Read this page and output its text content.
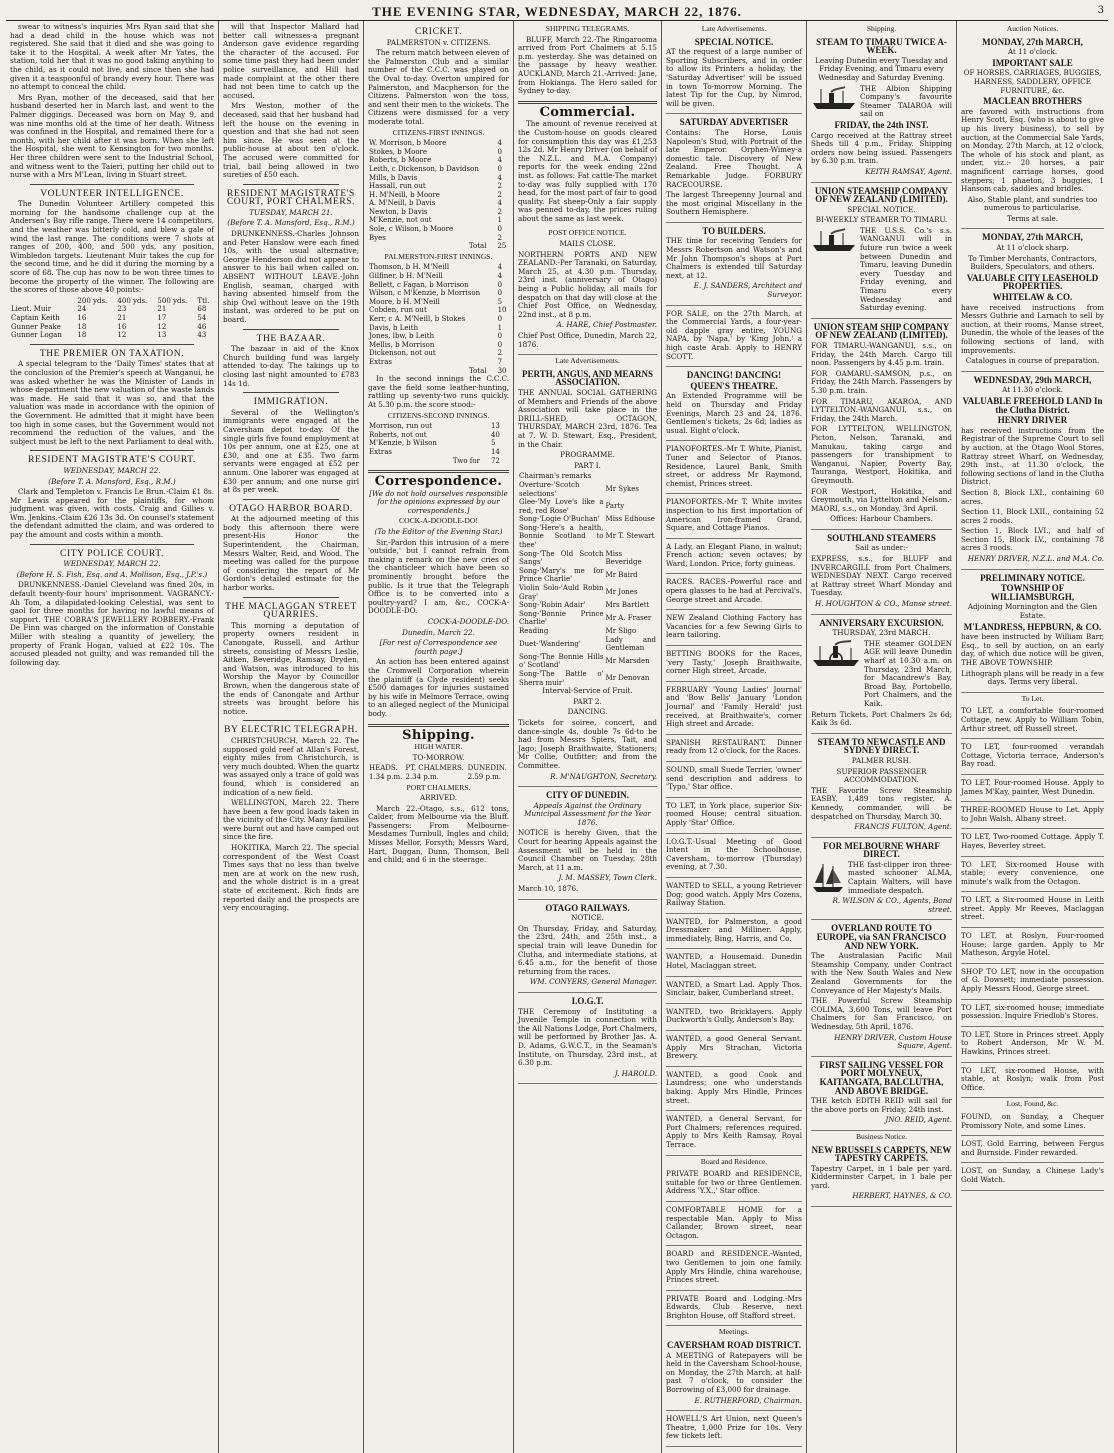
THE EVENING STAR, WEDNESDAY, MARCH 22, 1876.	3

swear to witness's inquiries Mrs Ryan said that she had a dead child in the house which was not registered. She said that it died and she was going to take it to the Hospital. A week after Mr Yates, the station, told her that it was no good taking anything to the child, as it could not live, and since then she had given it a teaspoonful of brandy every hour. There was no attempt to conceal the child.

Mrs Ryan, mother of the deceased, said that her husband deserted her in March last, and went to the Palmer diggings. Deceased was born on May 9, and was nine months old at the time of her death. Witness was confined in the Hospital, and remained there for a month, with her child after it was born. When she left the Hospital, she went to Kensington for two months. Her three children were sent to the Industrial School, and witness went to the Taieri, putting her child out to nurse with a Mrs M'Lean, living in Stuart street.

VOLUNTEER INTELLIGENCE.

The Dunedin Volunteer Artillery competed this morning for the handsome challenge cup at the Andersen's Bay rifle range. There were 14 competitors, and the weather was bitterly cold, and blew a gale of wind the last range. The conditions were 7 shots at ranges of 200, 400, and 500 yds, any position, Wimbledon targets. Lieutenant Muir takes the cup for the second time, and he did it during the morning by a score of 68. The cup has now to be won three times to become the property of the winner. The following are the scores of those above 40 points:-

	200 yds.	400 yds.	500 yds.	Ttl.
Lieut. Muir	24	23	21	68
Captain Keith	16	21	17	54
Gunner Peake	18	16	12	46
Gunner Logan	18	12	13	43
THE PREMIER ON TAXATION.

A special telegram to the 'Daily Times' states that at the conclusion of the Premier's speech at Wanganui, he was asked whether he was the Minister of Lands in whose department the new valuation of the waste lands was made. He said that it was so, and that the valuation was made in accordance with the opinion of the Government. He admitted that it might have been too high in some cases, but the Government would not recommend the reduction of the values, and the subject must be left to the next Parliament to deal with.

RESIDENT MAGISTRATE'S COURT.

WEDNESDAY, MARCH 22.

(Before T. A. Mansford, Esq., R.M.)

Clark and Templeton v. Francis Le Brun.-Claim £1 8s. Mr Lewis appeared for the plaintiffs, for whom judgment was given, with costs. Craig and Gillies v. Wm. Jenkins.-Claim £26 13s 3d. On counsel's statement the defendant admitted the claim, and was ordered to pay the amount and costs within a month.

CITY POLICE COURT.

WEDNESDAY, MARCH 22.

(Before H. S. Fish, Esq. and A. Mollison, Esq., J.P.'s.)

DRUNKENNESS.-Daniel Cleveland was fined 20s, in default twenty-four hours' imprisonment. VAGRANCY.-Ah Tom, a dilapidated-looking Celestial, was sent to gaol for three months for having no lawful means of support. THE COBRA'S JEWELLERY ROBBERY.-Frank De Finn was charged on the information of Constable Miller with stealing a quantity of jewellery, the property of Frank Hogan, valued at £22 10s. The accused pleaded not guilty, and was remanded till the following day.

will that Inspector Mallard had better call witnesses-a pregnant Anderson gave evidence regarding the character of the accused. For some time past they had been under police surveillance, and Hill had made complaint at the other there had not been time to catch up the accused.

Mrs Weston, mother of the deceased, said that her husband had left the house on the evening in question and that she had not seen him since. He was seen at the public-house at about ten o'clock. The accused were committed for trial, bail being allowed in two sureties of £50 each.

RESIDENT MAGISTRATE'S COURT, PORT CHALMERS.

TUESDAY, MARCH 21.

(Before T. A. Mansford, Esq., R.M.)

DRUNKENNESS.-Charles Johnson and Peter Hanslow were each fined 10s, with the usual alternative; George Henderson did not appear to answer to his bail when called on. ABSENT WITHOUT LEAVE.-John English, seaman, charged with having absented himself from the ship Owl without leave on the 19th instant, was ordered to be put on board.

THE BAZAAR.

The bazaar in aid of the Knox Church building fund was largely attended to-day. The takings up to closing last night amounted to £783 14s 1d.

IMMIGRATION.

Several of the Wellington's immigrants were engaged at the Caversham depot to-day. Of the single girls five found employment at 10s per annum, one at £25, one at £30, and one at £35. Two farm servants were engaged at £52 per annum. One laborer was engaged at £30 per annum; and one nurse girl at 8s per week.

OTAGO HARBOR BOARD.

At the adjourned meeting of this body this afternoon there were present-His Honor the Superintendent, the Chairman, Messrs Walter, Reid, and Wood. The meeting was called for the purpose of considering the report of Mr Gordon's detailed estimate for the harbor works.

THE MACLAGGAN STREET QUARRIES.

This morning a deputation of property owners resident in Canongate, Russell, and Arthur streets, consisting of Messrs Leslie, Aitken, Beveridge, Ramsay, Dryden, and Watson, was introduced to his Worship the Mayor by Councillor Brown, when the dangerous state of the ends of Canongate and Arthur streets was brought before his notice.

BY ELECTRIC TELEGRAPH.

CHRISTCHURCH, March 22. The supposed gold reef at Allan's Forest, eighty miles from Christchurch, is very much doubted. When the quartz was assayed only a trace of gold was found, which is considered an indication of a new field.

WELLINGTON, March 22. There have been a few good loads taken in the vicinity of the City. Many families were burnt out and have camped out since the fire.

HOKITIKA, March 22. The special correspondent of the West Coast Times says that no less than twelve men are at work on the new rush, and the whole district is in a great state of excitement. Rich finds are reported daily and the prospects are very encouraging.

CRICKET.

PALMERSTON v. CITIZENS.

The return match between eleven of the Palmerston Club and a similar number of the C.C.C. was played on the Oval to-day. Overton umpired for Palmerston, and Macpherson for the Citizens. Palmerston won the toss, and sent their men to the wickets. The Citizens were dismissed for a very moderate total.

CITIZENS-FIRST INNINGS.
W. Morrison, b Moore	4
Stokes, b Moore	0
Roberts, b Moore	4
Leith, c Dickenson, b Davidson	0
Mills, b Davis	4
Hassall, run out	2
H. M'Neill, b Moore	2
A. M'Neill, b Davis	4
Newton, b Davis	2
M'Kenzie, not out	1
Sole, c Wilson, b Moore	0
Byes	2
Total	25
PALMERSTON-FIRST INNINGS.
Thomson, b H. M'Neill	4
Gilfiner, b H. M'Neill	4
Bellett, c Fagan, b Morrison	0
Wilson, c M'Kenzie, b Morrison	0
Moore, b H. M'Neill	5
Cobden, run out	10
Kerr, c A. M'Neill, b Stokes	0
Davis, b Leith	1
Jones, lbw, b Leith	0
Mellis, b Morrison	0
Dickenson, not out	2
Extras	7
Total	30

In the second innings the C.C.C. gave the field some leather-hunting, rattling up seventy-two runs quickly. At 5.30 p.m. the score stood:-

CITIZENS-SECOND INNINGS.
Morrison, run out	13
Roberts, not out	40
M'Kenzie, b Wilson	5
Extras	14
Two for	72
Correspondence.

[We do not hold ourselves responsible for the opinions expressed by our correspondents.]

COCK-A-DOODLE-DO!

(To the Editor of the Evening Star.)

Sir,-Pardon this intrusion of a mere 'outside,' but I cannot refrain from making a remark on the new cries of the chanticleer which have been so prominently brought before the public. Is it true that the Telegraph Office is to be converted into a poultry-yard? I am, &c., COCK-A-DOODLE-DO.

COCK-A-DOODLE-DO.

Dunedin, March 22.

[For rest of Correspondence see fourth page.]

An action has been entered against the Cromwell Corporation wherein the plaintiff (a Clyde resident) seeks £500 damages for injuries sustained by his wife in Melmore Terrace, owing to an alleged neglect of the Municipal body.

Shipping.
HIGH WATER.

TO-MORROW.

HEADS.	PT. CHALMERS.	DUNEDIN.
1.34 p.m.	2.34 p.m.	2.59 p.m.
PORT CHALMERS.

ARRIVED.

March 22.-Otago, s.s., 612 tons, Calder, from Melbourne via the Bluff. Passengers: From Melbourne-Mesdames Turnbull, Ingles and child; Misses Mellor, Forsyth; Messrs Ward, Hart, Duggan, Dunn, Thomson, Bell and child; and 6 in the steerage.

SHIPPING TELEGRAMS.

BLUFF, March 22.-The Ringarooma arrived from Port Chalmers at 5.15 p.m. yesterday. She was detained on the passage by heavy weather. AUCKLAND, March 21.-Arrived: Jane, from Hokianga. The Hero sailed for Sydney to-day.

Commercial.

The amount of revenue received at the Custom-house on goods cleared for consumption this day was £1,253 12s 2d. Mr Henry Driver (on behalf of the N.Z.L. and M.A. Company) reports for the week ending 22nd inst. as follows: Fat cattle-The market to-day was fully supplied with 170 head, for the most part of fair to good quality. Fat sheep-Only a fair supply was penned to-day, the prices ruling about the same as last week.

POST OFFICE NOTICE.

MAILS CLOSE.

NORTHERN PORTS AND NEW ZEALAND.-Per Taranaki, on Saturday, March 25, at 4.30 p.m. Thursday, 23rd inst. (anniversary of Otago) being a Public holiday, all mails for despatch on that day will close at the Chief Post Office, on Wednesday, 22nd inst., at 8 p.m.

A. HARE, Chief Postmaster.

Chief Post Office, Dunedin, March 22, 1876.

Late Advertisements.

PERTH, ANGUS, AND MEARNS ASSOCIATION.

THE ANNUAL SOCIAL GATHERING of Members and Friends of the above Association will take place in the DRILL-SHED, OCTAGON, THURSDAY, MARCH 23rd, 1876. Tea at 7. W. D. Stewart, Esq., President, in the Chair.

PROGRAMME.

PART I.

Chairman's remarks	
Overture-'Scotch selections'	Mr Sykes
Glee-'My Love's like a red, red Rose'	Party
Song-'Logie O'Buchan'	Miss Edhouse
Song-'Here's a health, Bonnie Scotland to thee'	Mr T. Stewart
Song-'The Old Scotch Sangs'	Miss Beveridge
Song-'Mary's me for Prince Charlie'	Mr Baird
Violin Solo-'Auld Robin Gray'	Mr Jones
Song-'Robin Adair'	Mrs Bartlett
Song-'Bonnie Prince Charlie'	Mr A. Fraser
Reading	Mr Sligo
Duet-'Wandering'	Lady and Gentleman
Song-'The Bonnie Hills o' Scotland'	Mr Marsden
Song-'The Battle o' Sherra muir'	Mr Denovan

Interval-Service of Fruit.

PART 2.

DANCING.

Tickets for soiree, concert, and dance-single 4s, double 7s 6d-to be had from Messrs Spiers, Tait, and Jago; Joseph Braithwaite, Stationers; Mr Collie, Outfitter; and from the Committee.

R. M'NAUGHTON, Secretary.

CITY OF DUNEDIN.

Appeals Against the Ordinary Municipal Assessment for the Year 1876.

NOTICE is hereby Given, that the Court for hearing Appeals against the Assessment will be held in the Council Chamber on Tuesday, 28th March, at 11 a.m.

J. M. MASSEY, Town Clerk.

March 10, 1876.

OTAGO RAILWAYS.

NOTICE.

On Thursday, Friday, and Saturday, the 23rd, 24th, and 25th inst., a special train will leave Dunedin for Clutha, and intermediate stations, at 6.45 a.m., for the benefit of those returning from the races.

WM. CONYERS, General Manager.

I.O.G.T.

THE Ceremony of Instituting a Juvenile Temple in connection with the All Nations Lodge, Port Chalmers, will be performed by Brother Jas. A. D. Adams, G.W.C.T., in the Seaman's Institute, on Thursday, 23rd inst., at 6.30 p.m.

J. HAROLD.

Late Advertisements.

SPECIAL NOTICE.

AT the request of a large number of Sporting Subscribers, and in order to allow its Printers a holiday, the 'Saturday Advertiser' will be issued in town To-morrow Morning. The latest Tip for the Cup, by Nimrod, will be given.

SATURDAY ADVERTISER

Contains: The Horse, Louis Napoleon's Stud, with Portrait of the late Emperor. Orphen-Wimey-a domestic tale. Discovery of New Zealand. Free Thought. A Remarkable Judge. FORBURY RACECOURSE.

The largest Threepenny Journal and the most original Miscellany in the Southern Hemisphere.

TO BUILDERS.

THE time for receiving Tenders for Messrs Robertson and Watson's and Mr John Thompson's shops at Port Chalmers is extended till Saturday next, at 12.

E. J. SANDERS, Architect and Surveyor.

FOR SALE, on the 27th March, at the Commercial Yards, a four-year-old dapple gray entire, YOUNG NAPA, by 'Napa,' by 'King John,' a high caste Arab. Apply to HENRY SCOTT.

DANCING! DANCING!

QUEEN'S THEATRE.

An Extended Programme will be held on Thursday and Friday Evenings, March 23 and 24, 1876. Gentlemen's tickets, 2s 6d; ladies as usual. Eight o'clock.

PIANOFORTES.-Mr T. White, Pianist, Tuner and Selector of Pianos. Residence, Laurel Bank, Smith street, or address Mr Raymond, chemist, Princes street.

PIANOFORTES.-Mr T. White invites inspection to his first importation of American Iron-framed Grand, Square, and Cottage Pianos.

A Lady, an Elegant Piano, in walnut; French action; seven octaves; by Ward, London. Price, forty guineas.

RACES. RACES.-Powerful race and opera glasses to be had at Percival's, George street and Arcade.

NEW Zealand Clothing Factory has Vacancies for a few Sewing Girls to learn tailoring.

BETTING BOOKS for the Races, 'very Tasty,' Joseph Braithwaite, corner High street, Arcade.

FEBRUARY 'Young Ladies' Journal' and 'Bow Bells' January 'London Journal' and 'Family Herald' just received, at Braithwaite's, corner High street and Arcade.

SPANISH RESTAURANT. Dinner ready from 12 o'clock, for the Races.

SOUND, small Suede Terrier, 'owner' send description and address to 'Typo,' Star office.

TO LET, in York place, superior Six-roomed House; central situation. Apply 'Star' Office.

I.O.G.T.-Usual Meeting of Good Intent in the Schoolhouse, Caversham, to-morrow (Thursday) evening, at 7.30.

WANTED to SELL, a young Retriever Dog; good watch. Apply Mrs Cozens, Railway Station.

WANTED, for Palmerston, a good Dressmaker and Milliner. Apply, immediately, Bing, Harris, and Co.

WANTED, a Housemaid. Dunedin Hotel, Maclaggan street.

WANTED, a Smart Lad. Apply Thos. Sinclair, baker, Cumberland street.

WANTED, two Bricklayers. Apply Duckworth's Gully, Anderson's Bay.

WANTED, a good General Servant. Apply Mrs Strachan, Victoria Brewery.

WANTED, a good Cook and Laundress; one who understands baking. Apply Mrs Hindle, Princes street.

WANTED, a General Servant, for Port Chalmers; references required. Apply to Mrs Keith Ramsay, Royal Terrace.

Board and Residence.

PRIVATE BOARD and RESIDENCE, suitable for two or three Gentlemen. Address 'Y.X.,' Star office.

COMFORTABLE HOME for a respectable Man. Apply to Miss Callander, Brown street, near Octagon.

BOARD and RESIDENCE.-Wanted, two Gentlemen to join one family. Apply Mrs Hindle, china warehouse, Princes street.

PRIVATE Board and Lodging.-Mrs Edwards, Club Reserve, next Brighton House, off Stafford street.

Meetings.

CAVERSHAM ROAD DISTRICT.

A MEETING of Ratepayers will be held in the Caversham School-house, on Monday, the 27th March, at half-past 7 o'clock, to consider the Borrowing of £3,000 for drainage.

E. RUTHERFORD, Chairman.

HOWELL'S Art Union, next Queen's Theatre, 1,000 Prize for 10s. Very few tickets left.

Shipping.

STEAM TO TIMARU TWICE A-WEEK.

Leaving Dunedin every Tuesday and Friday Evening, and Timaru every Wednesday and Saturday Evening.

THE Albion Shipping Company's favourite Steamer TAIAROA will sail on

FRIDAY, the 24th INST.

Cargo received at the Rattray street Sheds till 4 p.m., Friday. Shipping orders now being issued. Passengers by 6.30 p.m. train.

KEITH RAMSAY, Agent.

UNION STEAMSHIP COMPANY OF NEW ZEALAND (LIMITED).

SPECIAL NOTICE.

BI-WEEKLY STEAMER TO TIMARU.

THE U.S.S. Co.'s s.s. WANGANUI will in future run twice a week between Dunedin and Timaru, leaving Dunedin every Tuesday and Friday evening, and Timaru every Wednesday and Saturday evening.

UNION STEAM SHIP COMPANY OF NEW ZEALAND (LIMITED).

FOR TIMARU.-WANGANUI, s.s., on Friday, the 24th March. Cargo till noon. Passengers by 4.45 p.m. train.

FOR OAMARU.-SAMSON, p.s., on Friday, the 24th March. Passengers by 5.30 p.m. train.

FOR TIMARU, AKAROA, AND LYTTELTON.-WANGANUI, s.s., on Friday, the 24th March.

FOR LYTTELTON, WELLINGTON, Picton, Nelson, Taranaki, and Manukau, taking cargo and passengers for transhipment to Wanganui, Napier, Poverty Bay, Tauranga, Westport, Hokitika, and Greymouth.

FOR Westport, Hokitika, and Greymouth, via Lyttelton and Nelson.-MAORI, s.s., on Monday, 3rd April.

Offices: Harbour Chambers.

SOUTHLAND STEAMERS

Sail as under:-

EXPRESS, s.s., for BLUFF and INVERCARGILL from Port Chalmers, WEDNESDAY NEXT. Cargo received at Rattray street Wharf Monday and Tuesday.

H. HOUGHTON & CO., Manse street.

ANNIVERSARY EXCURSION.

THURSDAY, 23rd MARCH.

THE steamer GOLDEN AGE will leave Dunedin wharf at 10.30 a.m. on Thursday, 23rd March, for Macandrew's Bay, Broad Bay, Portobello, Port Chalmers, and the Kaik.

Return Tickets, Port Chalmers 2s 6d; Kaik 3s 6d.

STEAM TO NEWCASTLE AND SYDNEY DIRECT.

PALMER RUSH.

SUPERIOR PASSENGER ACCOMMODATION.

THE Favorite Screw Steamship EASBY, 1,489 tons register, A. Kennedy, commander, will be despatched on Thursday, March 30.

FRANCIS FULTON, Agent.

FOR MELBOURNE WHARF DIRECT.

THE fast-clipper iron three-masted schooner ALMA, Captain Walters, will have immediate despatch.

R. WILSON & CO., Agents, Bond street.

OVERLAND ROUTE TO EUROPE, via SAN FRANCISCO AND NEW YORK.

The Australasian Pacific Mail Steamship Company, under Contract with the New South Wales and New Zealand Governments for the Conveyance of Her Majesty's Mails.

THE Powerful Screw Steamship COLIMA, 3,600 Tons, will leave Port Chalmers for San Francisco, on Wednesday, 5th April, 1876.

HENRY DRIVER, Custom House Square, Agent.

FIRST SAILING VESSEL FOR PORT MOLYNEUX, KAITANGATA, BALCLUTHA, AND ABOVE BRIDGE.

THE ketch EDITH REID will sail for the above ports on Friday, 24th inst.

JNO. REID, Agent.

Business Notice.

NEW BRUSSELS CARPETS, NEW TAPESTRY CARPETS.

Tapestry Carpet, in 1 bale per yard. Kidderminster Carpet, in 1 bale per yard.

HERBERT, HAYNES, & CO.

Auction Notices.

MONDAY, 27th MARCH,

At 11 o'clock.

IMPORTANT SALE

OF HORSES, CARRIAGES, BUGGIES, HARNESS, SADDLERY, OFFICE FURNITURE, &c.

MACLEAN BROTHERS

are favored with instructions from Henry Scott, Esq. (who is about to give up his livery business), to sell by auction, at the Commercial Sale Yards, on Monday, 27th March, at 12 o'clock, The whole of his stock and plant, as under, viz.:- 20 horses, a pair magnificent carriage horses, good steppers; 1 phaeton, 3 buggies, 1 Hansom cab, saddles and bridles.

Also, Stable plant, and sundries too numerous to particularise.

Terms at sale.

MONDAY, 27th MARCH,

At 11 o'clock sharp.

To Timber Merchants, Contractors, Builders, Speculators, and others.

VALUABLE CITY LEASEHOLD PROPERTIES.

WHITELAW & CO.

have received instructions from Messrs Guthrie and Larnach to sell by auction, at their rooms, Manse street, Dunedin, the whole of the leases of the following sections of land, with improvements.

Catalogues in course of preparation.

WEDNESDAY, 29th MARCH,

At 11.30 o'clock.

VALUABLE FREEHOLD LAND In the Clutha District.

HENRY DRIVER

has received instructions from the Registrar of the Supreme Court to sell by auction, at the Otago Wool Stores, Rattray street Wharf, on Wednesday, 29th inst., at 11.30 o'clock, the following sections of land in the Clutha District.

Section 8, Block LXI., containing 60 acres.

Section 11, Block LXII., containing 52 acres 2 roods.

Section 1, Block LVI., and half of Section 15, Block LV., containing 78 acres 3 roods.

HENRY DRIVER, N.Z.L. and M.A. Co.

PRELIMINARY NOTICE.

TOWNSHIP OF WILLIAMSBURGH,

Adjoining Mornington and the Glen Estate.

M'LANDRESS, HEPBURN, & CO.

have been instructed by William Barr, Esq., to sell by auction, on an early day, of which due notice will be given, THE ABOVE TOWNSHIP.

Lithograph plans will be ready in a few days. Terms very liberal.

To Let.

TO LET, a comfortable four-roomed Cottage, new. Apply to William Tobin, Arthur street, off Russell street.

TO LET, four-roomed verandah Cottage, Victoria terrace, Anderson's Bay road.

TO LET, Four-roomed House. Apply to James M'Kay, painter, West Dunedin.

THREE-ROOMED House to Let. Apply to John Walsh, Albany street.

TO LET, Two-roomed Cottage. Apply T. Hayes, Beverley street.

TO LET, Six-roomed House with stable; every convenience, one minute's walk from the Octagon.

TO LET, a Six-roomed House in Leith street. Apply Mr Reeves, Maclaggan street.

TO LET, at Roslyn, Four-roomed House; large garden. Apply to Mr Matheson, Argyle Hotel.

SHOP TO LET, now in the occupation of G. Dowsett; immediate possession. Apply Messrs Hood, George street.

TO LET, six-roomed house; immediate possession. Inquire Friedlob's Stores.

TO LET, Store in Princes street. Apply to Robert Anderson, Mr W. M. Hawkins, Princes street.

TO LET, six-roomed House, with stable, at Roslyn; walk from Post Office.

Lost, Found, &c.

FOUND, on Sunday, a Chequer Promissory Note, and some Lines.

LOST, Gold Earring, between Fergus and Burnside. Finder rewarded.

LOST, on Sunday, a Chinese Lady's Gold Watch.
